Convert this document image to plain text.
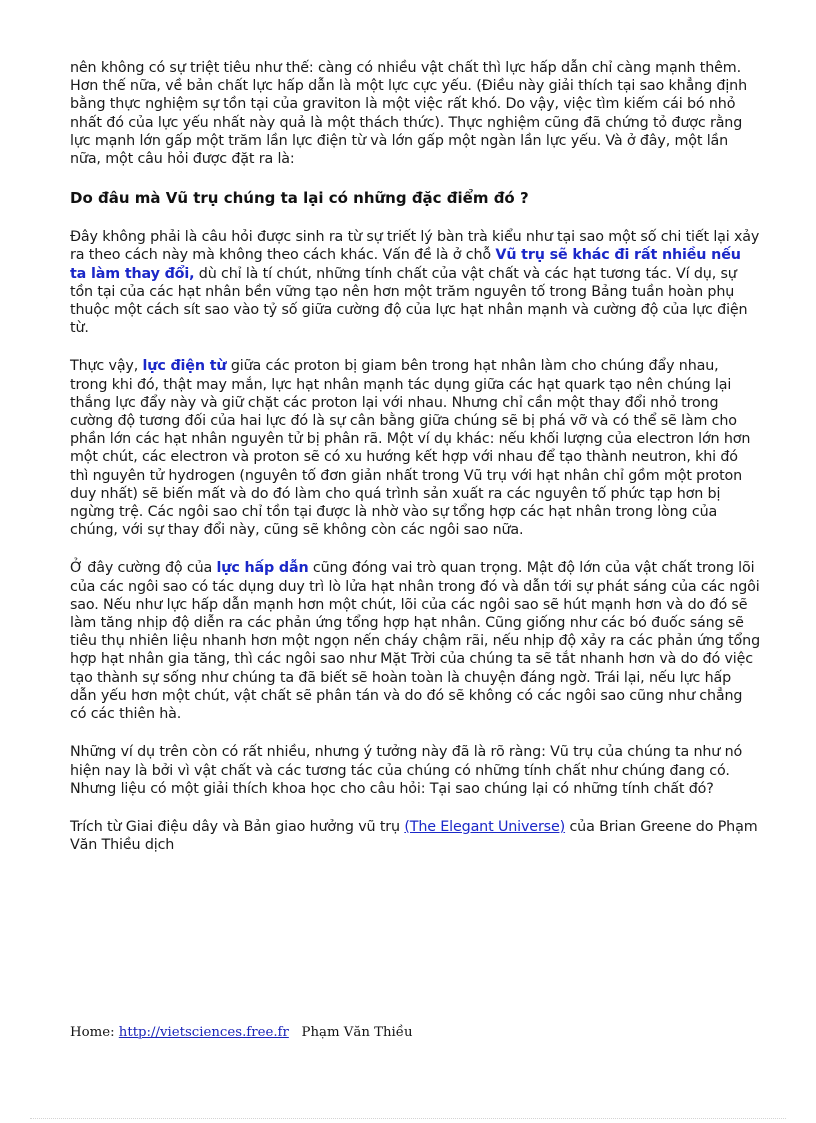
nên không có sự triệt tiêu như thế: càng có nhiều vật chất thì lực hấp dẫn chỉ càng mạnh thêm. Hơn thế nữa, về bản chất lực hấp dẫn là một lực cực yếu. (Điều này giải thích tại sao khẳng định bằng thực nghiệm sự tồn tại của graviton là một việc rất khó. Do vậy, việc tìm kiếm cái bó nhỏ nhất đó của lực yếu nhất này quả là một thách thức). Thực nghiệm cũng đã chứng tỏ được rằng lực mạnh lớn gấp một trăm lần lực điện từ và lớn gấp một ngàn lần lực yếu. Và ở đây, một lần nữa, một câu hỏi được đặt ra là:

Do đâu mà Vũ trụ chúng ta lại có những đặc điểm đó ?

Đây không phải là câu hỏi được sinh ra từ sự triết lý bàn trà kiểu như tại sao một số chi tiết lại xảy ra theo cách này mà không theo cách khác. Vấn đề là ở chỗ Vũ trụ sẽ khác đi rất nhiều nếu ta làm thay đổi, dù chỉ là tí chút, những tính chất của vật chất và các hạt tương tác. Ví dụ, sự tồn tại của các hạt nhân bền vững tạo nên hơn một trăm nguyên tố trong Bảng tuần hoàn phụ thuộc một cách sít sao vào tỷ số giữa cường độ của lực hạt nhân mạnh và cường độ của lực điện từ.

Thực vậy, lực điện từ giữa các proton bị giam bên trong hạt nhân làm cho chúng đẩy nhau, trong khi đó, thật may mắn, lực hạt nhân mạnh tác dụng giữa các hạt quark tạo nên chúng lại thắng lực đẩy này và giữ chặt các proton lại với nhau. Nhưng chỉ cần một thay đổi nhỏ trong cường độ tương đối của hai lực đó là sự cân bằng giữa chúng sẽ bị phá vỡ và có thể sẽ làm cho phần lớn các hạt nhân nguyên tử bị phân rã. Một ví dụ khác: nếu khối lượng của electron lớn hơn một chút, các electron và proton sẽ có xu hướng kết hợp với nhau để tạo thành neutron, khi đó thì nguyên tử hydrogen (nguyên tố đơn giản nhất trong Vũ trụ với hạt nhân chỉ gồm một proton duy nhất) sẽ biến mất và do đó làm cho quá trình sản xuất ra các nguyên tố phức tạp hơn bị ngừng trệ. Các ngôi sao chỉ tồn tại được là nhờ vào sự tổng hợp các hạt nhân trong lòng của chúng, với sự thay đổi này, cũng sẽ không còn các ngôi sao nữa.

Ở đây cường độ của lực hấp dẫn cũng đóng vai trò quan trọng. Mật độ lớn của vật chất trong lõi của các ngôi sao có tác dụng duy trì lò lửa hạt nhân trong đó và dẫn tới sự phát sáng của các ngôi sao. Nếu như lực hấp dẫn mạnh hơn một chút, lõi của các ngôi sao sẽ hút mạnh hơn và do đó sẽ làm tăng nhịp độ diễn ra các phản ứng tổng hợp hạt nhân. Cũng giống như các bó đuốc sáng sẽ tiêu thụ nhiên liệu nhanh hơn một ngọn nến cháy chậm rãi, nếu nhịp độ xảy ra các phản ứng tổng hợp hạt nhân gia tăng, thì các ngôi sao như Mặt Trời của chúng ta sẽ tắt nhanh hơn và do đó việc tạo thành sự sống như chúng ta đã biết sẽ hoàn toàn là chuyện đáng ngờ. Trái lại, nếu lực hấp dẫn yếu hơn một chút, vật chất sẽ phân tán và do đó sẽ không có các ngôi sao cũng như chẳng có các thiên hà.

Những ví dụ trên còn có rất nhiều, nhưng ý tưởng này đã là rõ ràng: Vũ trụ của chúng ta như nó hiện nay là bởi vì vật chất và các tương tác của chúng có những tính chất như chúng đang có. Nhưng liệu có một giải thích khoa học cho câu hỏi: Tại sao chúng lại có những tính chất đó?

Trích từ Giai điệu dây và Bản giao hưởng vũ trụ (The Elegant Universe) của Brian Greene do Phạm Văn Thiều dịch

Home: http://vietsciences.free.fr Phạm Văn Thiều
